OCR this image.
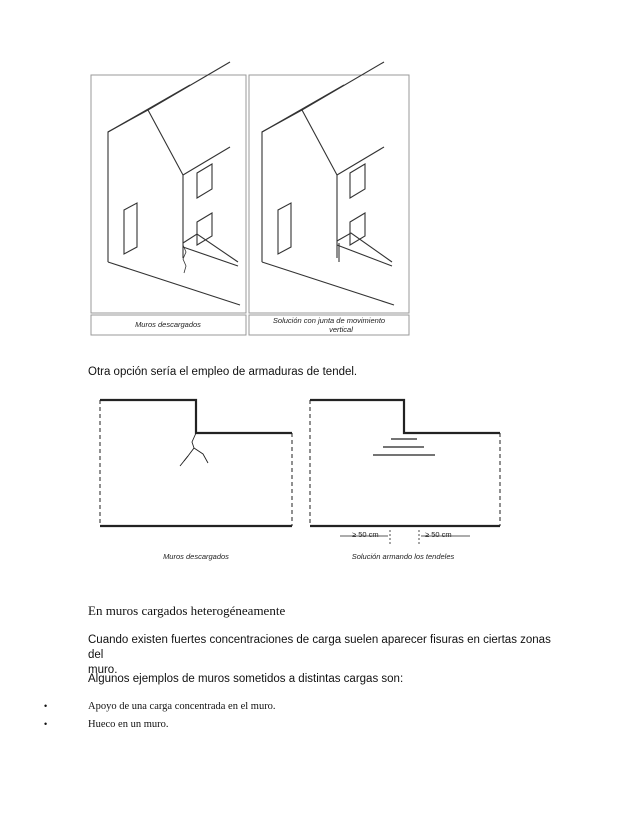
Muros descargados	Solución con junta de movimiento
vertical
Otra opción sería el empleo de armaduras de tendel.
≥ 50 cm	≥ 50 cm
Muros descargados	Solución armando los tendeles
En muros cargados heterogéneamente
Cuando existen fuertes concentraciones de carga suelen aparecer fisuras en ciertas zonas del
muro.
Algunos ejemplos de muros sometidos a distintas cargas son:
•	Apoyo de una carga concentrada en el muro.
•	Hueco en un muro.
